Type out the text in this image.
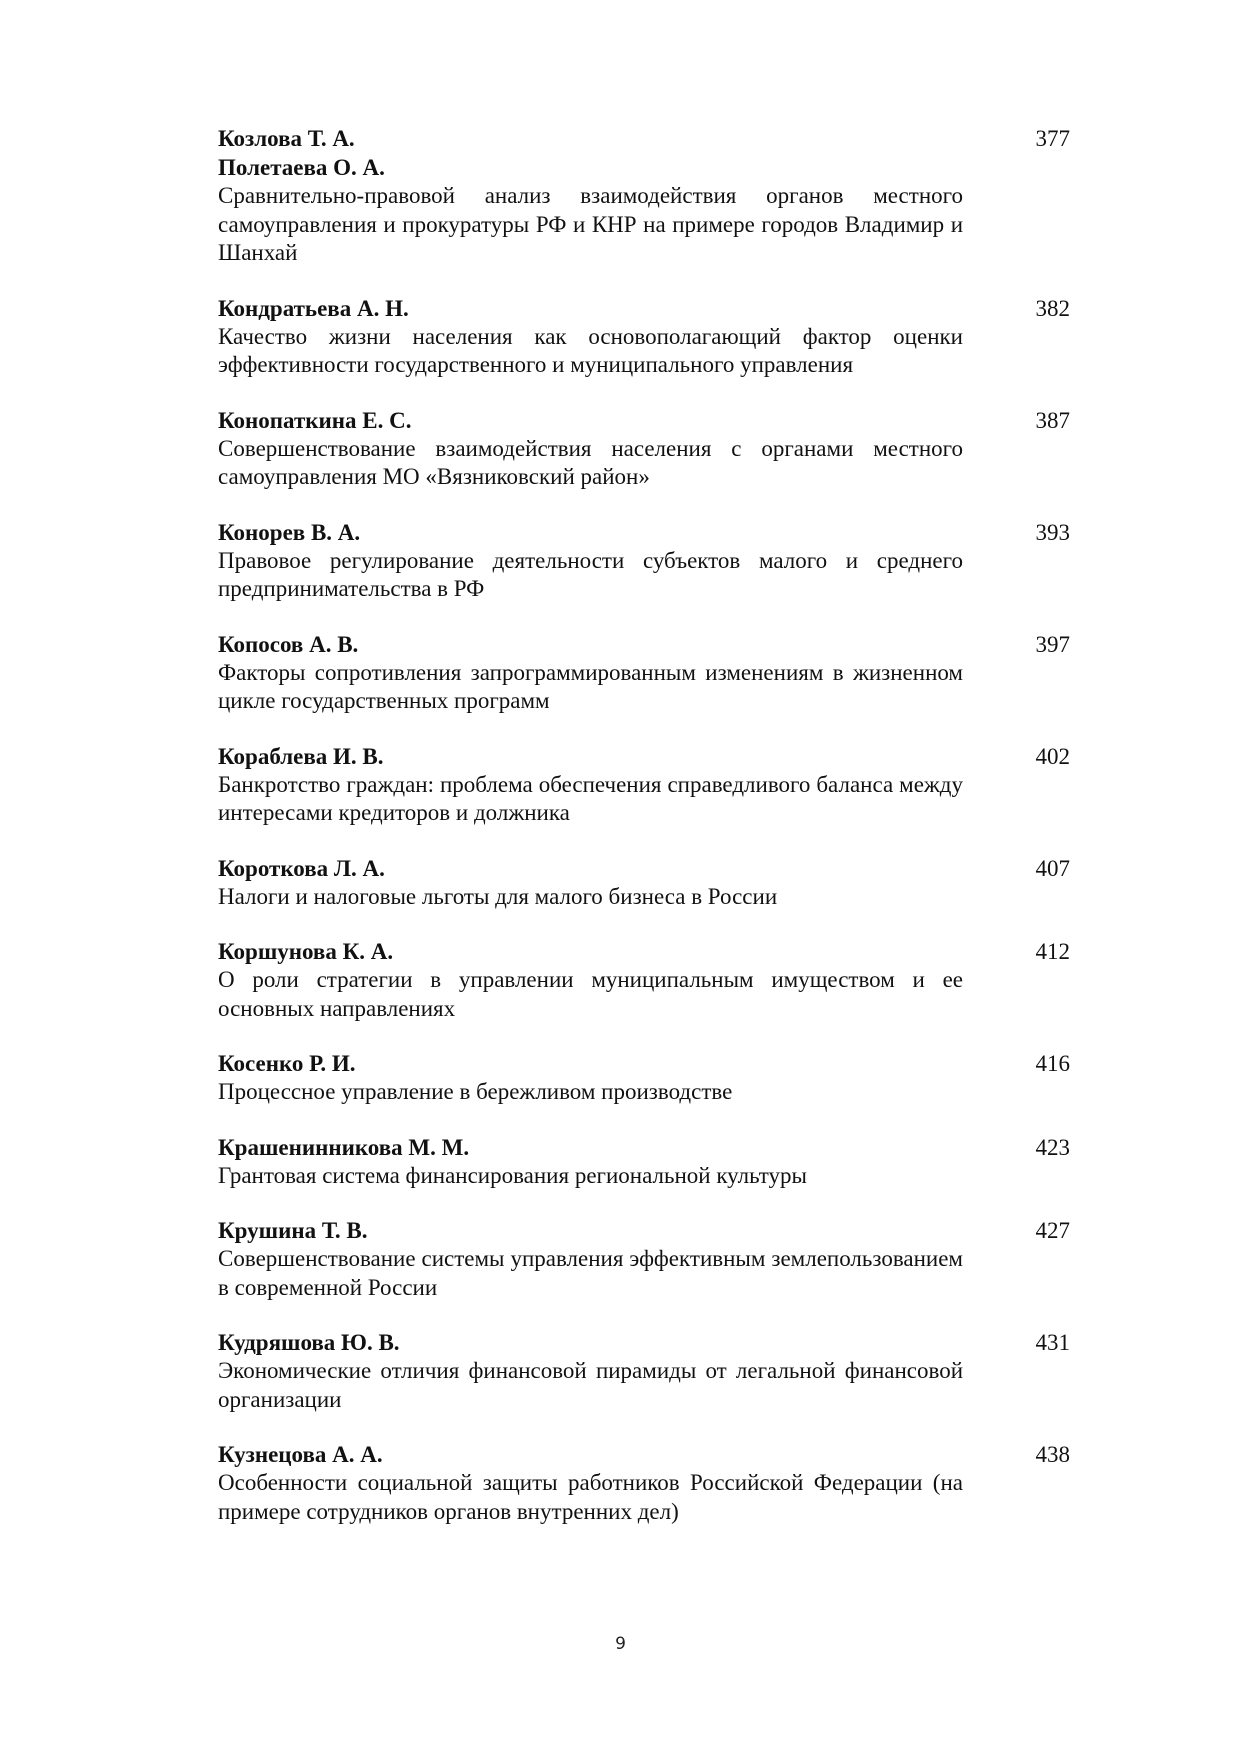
Козлова Т. А.
Полетаева О. А.
Сравнительно-правовой анализ взаимодействия органов местного самоуправления и прокуратуры РФ и КНР на примере городов Владимир и Шанхай
377
Кондратьева А. Н.
Качество жизни населения как основополагающий фактор оценки эффективности государственного и муниципального управления
382
Конопаткина Е. С.
Совершенствование взаимодействия населения с органами местного самоуправления МО «Вязниковский район»
387
Конорев В. А.
Правовое регулирование деятельности субъектов малого и среднего предпринимательства в РФ
393
Копосов А. В.
Факторы сопротивления запрограммированным изменениям в жизненном цикле государственных программ
397
Кораблева И. В.
Банкротство граждан: проблема обеспечения справедливого баланса между интересами кредиторов и должника
402
Короткова Л. А.
Налоги и налоговые льготы для малого бизнеса в России
407
Коршунова К. А.
О роли стратегии в управлении муниципальным имуществом и ее основных направлениях
412
Косенко Р. И.
Процессное управление в бережливом производстве
416
Крашенинникова М. М.
Грантовая система финансирования региональной культуры
423
Крушина Т. В.
Совершенствование системы управления эффективным землепользованием в современной России
427
Кудряшова Ю. В.
Экономические отличия финансовой пирамиды от легальной финансовой организации
431
Кузнецова А. А.
Особенности социальной защиты работников Российской Федерации (на примере сотрудников органов внутренних дел)
438
9
